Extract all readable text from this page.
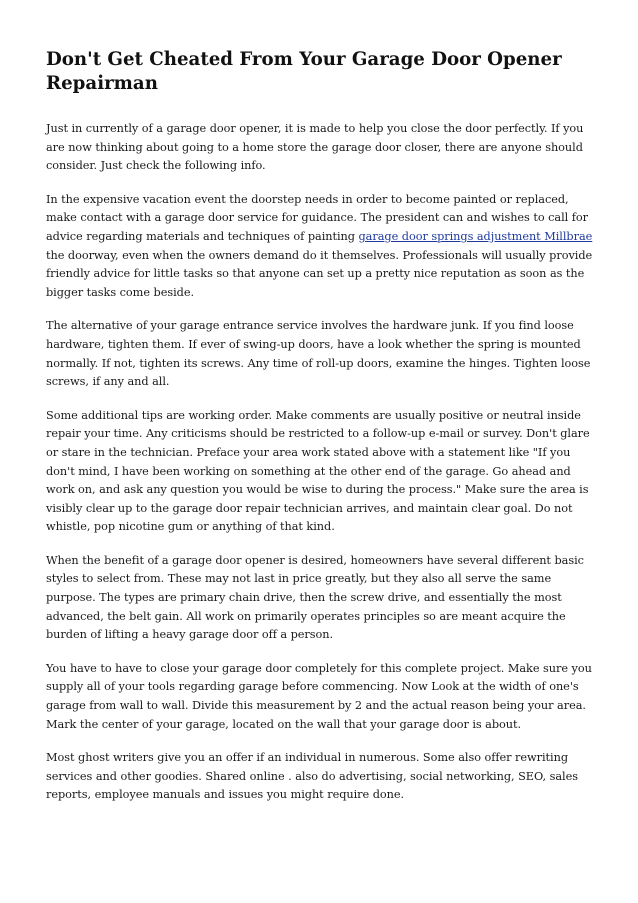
Don't Get Cheated From Your Garage Door Opener Repairman

Just in currently of a garage door opener, it is made to help you close the door perfectly. If you are now thinking about going to a home store the garage door closer, there are anyone should consider. Just check the following info.

In the expensive vacation event the doorstep needs in order to become painted or replaced, make contact with a garage door service for guidance. The president can and wishes to call for advice regarding materials and techniques of painting garage door springs adjustment Millbrae the doorway, even when the owners demand do it themselves. Professionals will usually provide friendly advice for little tasks so that anyone can set up a pretty nice reputation as soon as the bigger tasks come beside.

The alternative of your garage entrance service involves the hardware junk. If you find loose hardware, tighten them. If ever of swing-up doors, have a look whether the spring is mounted normally. If not, tighten its screws. Any time of roll-up doors, examine the hinges. Tighten loose screws, if any and all.

Some additional tips are working order. Make comments are usually positive or neutral inside repair your time. Any criticisms should be restricted to a follow-up e-mail or survey. Don't glare or stare in the technician. Preface your area work stated above with a statement like "If you don't mind, I have been working on something at the other end of the garage. Go ahead and work on, and ask any question you would be wise to during the process." Make sure the area is visibly clear up to the garage door repair technician arrives, and maintain clear goal. Do not whistle, pop nicotine gum or anything of that kind.

When the benefit of a garage door opener is desired, homeowners have several different basic styles to select from. These may not last in price greatly, but they also all serve the same purpose. The types are primary chain drive, then the screw drive, and essentially the most advanced, the belt gain. All work on primarily operates principles so are meant acquire the burden of lifting a heavy garage door off a person.

You have to have to close your garage door completely for this complete project. Make sure you supply all of your tools regarding garage before commencing. Now Look at the width of one's garage from wall to wall. Divide this measurement by 2 and the actual reason being your area. Mark the center of your garage, located on the wall that your garage door is about.

Most ghost writers give you an offer if an individual in numerous. Some also offer rewriting services and other goodies. Shared online . also do advertising, social networking, SEO, sales reports, employee manuals and issues you might require done.
